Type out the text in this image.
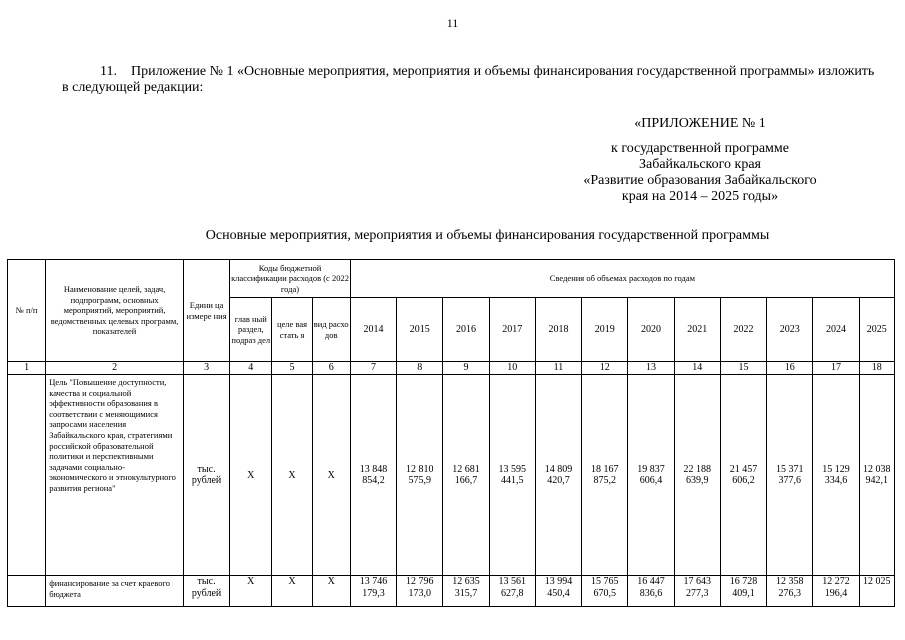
11
11. Приложение № 1 «Основные мероприятия, мероприятия и объемы финансирования государственной программы» изложить в следующей редакции:
«ПРИЛОЖЕНИЕ № 1
к государственной программе
Забайкальского края
«Развитие образования Забайкальского
края на 2014 – 2025 годы»
Основные мероприятия, мероприятия и объемы финансирования государственной программы
№ п/п	Наименование целей, задач, подпрограмм, основных мероприятий, мероприятий, ведомственных целевых программ, показателей	Едини ца измере ния	Коды бюджетной классификации расходов (с 2022 года)			Сведения об объемах расходов по годам											
			глав ный раздел, подраз дел	целе вая стать я	вид расхо дов	2014	2015	2016	2017	2018	2019	2020	2021	2022	2023	2024	2025
1	2	3	4	5	6	7	8	9	10	11	12	13	14	15	16	17	18
	Цель "Повышение доступности, качества и социальной эффективности образования в соответствии с меняющимися запросами населения Забайкальского края, стратегиями российской образовательной политики и перспективными задачами социально-экономического и этнокультурного развития региона"	тыс. рублей	X	X	X	13 848 854,2	12 810 575,9	12 681 166,7	13 595 441,5	14 809 420,7	18 167 875,2	19 837 606,4	22 188 639,9	21 457 606,2	15 371 377,6	15 129 334,6	12 038 942,1
	финансирование за счет краевого бюджета	тыс. рублей	X	X	X	13 746 179,3	12 796 173,0	12 635 315,7	13 561 627,8	13 994 450,4	15 765 670,5	16 447 836,6	17 643 277,3	16 728 409,1	12 358 276,3	12 272 196,4	12 025
